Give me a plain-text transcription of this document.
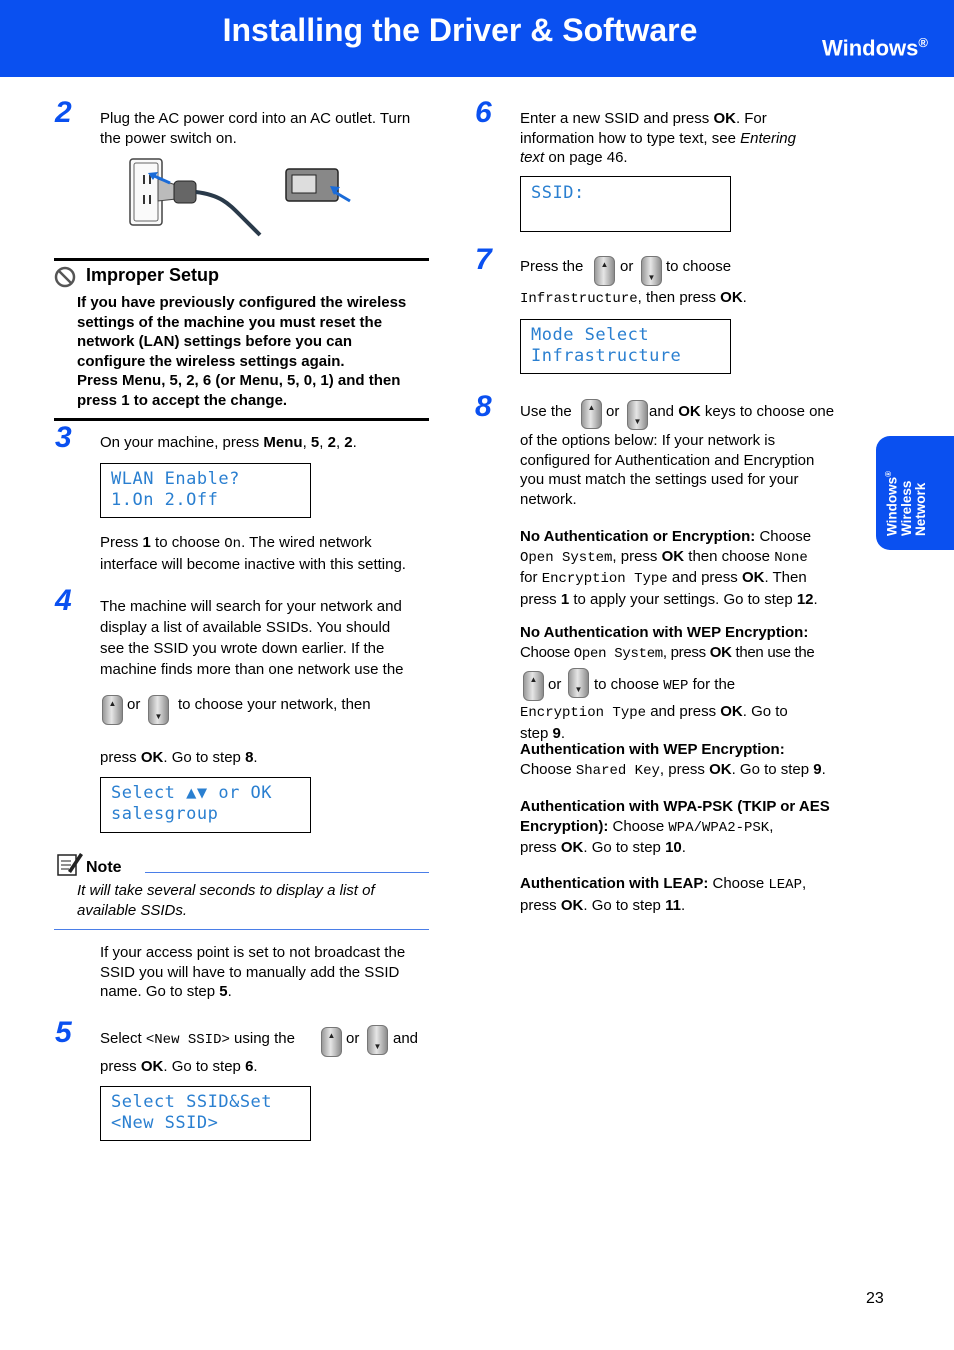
Installing the Driver & Software	Windows®
Windows®
Wireless Network
2 Plug the AC power cord into an AC outlet. Turn
the power switch on.
Improper Setup
If you have previously configured the wireless
settings of the machine you must reset the
network (LAN) settings before you can
configure the wireless settings again.
Press Menu, 5, 2, 6 (or Menu, 5, 0, 1) and then
press 1 to accept the change.
3 On your machine, press Menu, 5, 2, 2.
WLAN Enable?
1.On 2.Off
Press 1 to choose On. The wired network
interface will become inactive with this setting.
4 The machine will search for your network and
display a list of available SSIDs. You should
see the SSID you wrote down earlier. If the
machine finds more than one network use the
▲ or
▼
to choose your network, then
press OK. Go to step 8.
Select ▲▼ or OK
salesgroup
Note
It will take several seconds to display a list of
available SSIDs.
If your access point is set to not broadcast the
SSID you will have to manually add the SSID
name. Go to step 5.
5 Select <New SSID> using the	▲ or	▼ and
press OK. Go to step 6.
Select SSID&Set
<New SSID>
6 Enter a new SSID and press OK. For
information how to type text, see Entering
text on page 46.
SSID:
7 Press the	▲ or
▼
to choose
Infrastructure, then press OK.
Mode Select
Infrastructure
8 Use the	▲ or
▼
and OK keys to choose one
of the options below: If your network is
configured for Authentication and Encryption
you must match the settings used for your
network.
No Authentication or Encryption: Choose
Open System, press OK then choose None
for Encryption Type and press OK. Then
press 1 to apply your settings. Go to step 12.
No Authentication with WEP Encryption:
Choose Open System, press OK then use the
▲ or	▼ to choose WEP for the
Encryption Type and press OK. Go to
step 9.
Authentication with WEP Encryption:
Choose Shared Key, press OK. Go to step 9.
Authentication with WPA-PSK (TKIP or AES
Encryption): Choose WPA/WPA2-PSK,
press OK. Go to step 10.
Authentication with LEAP: Choose LEAP,
press OK. Go to step 11.
23
